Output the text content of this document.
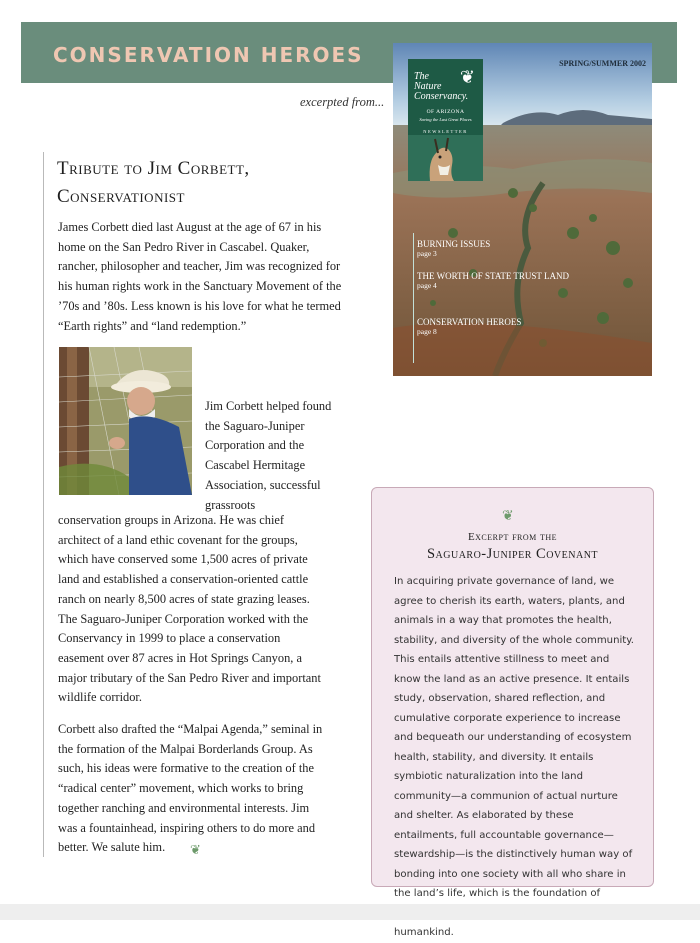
CONSERVATION HEROES
excerpted from...
SPRING/SUMMER 2002
The
Nature
Conservancy.
❦
OF ARIZONA
Saving the Last Great Places
NEWSLETTER
BURNING ISSUES
page 3
THE WORTH OF STATE TRUST LAND
page 4
CONSERVATION HEROES
page 8
Tribute to Jim Corbett,
Conservationist
James Corbett died last August at the age of 67 in his home on the San Pedro River in Cascabel. Quaker, rancher, philosopher and teacher, Jim was recognized for his human rights work in the Sanctuary Movement of the ’70s and ’80s. Less known is his love for what he termed “Earth rights” and “land redemption.”
Jim Corbett helped found the Saguaro-Juniper Corporation and the Cascabel Hermitage Association, successful grassroots
conservation groups in Arizona. He was chief architect of a land ethic covenant for the groups, which have conserved some 1,500 acres of private land and established a conservation-oriented cattle ranch on nearly 8,500 acres of state grazing leases. The Saguaro-Juniper Corporation worked with the Conservancy in 1999 to place a conservation easement over 87 acres in Hot Springs Canyon, a major tributary of the San Pedro River and important wildlife corridor.
Corbett also drafted the “Malpai Agenda,” seminal in the formation of the Malpai Borderlands Group. As such, his ideas were formative to the creation of the “radical center” movement, which works to bring together ranching and environmental interests. Jim was a fountainhead, inspiring others to do more and better. We salute him.	❦
❦
Excerpt from the
Saguaro-Juniper Covenant
In acquiring private governance of land, we agree to cherish its earth, waters, plants, and animals in a way that promotes the health, stability, and diversity of the whole community. This entails attentive stillness to meet and know the land as an active presence. It entails study, observation, shared reflection, and cumulative corporate experience to increase and bequeath our understanding of ecosystem health, stability, and diversity. It entails symbiotic naturalization into the land community—a communion of actual nurture and shelter. As elaborated by these entailments, full accountable governance—stewardship—is the distinctively human way of bonding into one society with all who share in the land’s life, which is the foundation of humankind.
